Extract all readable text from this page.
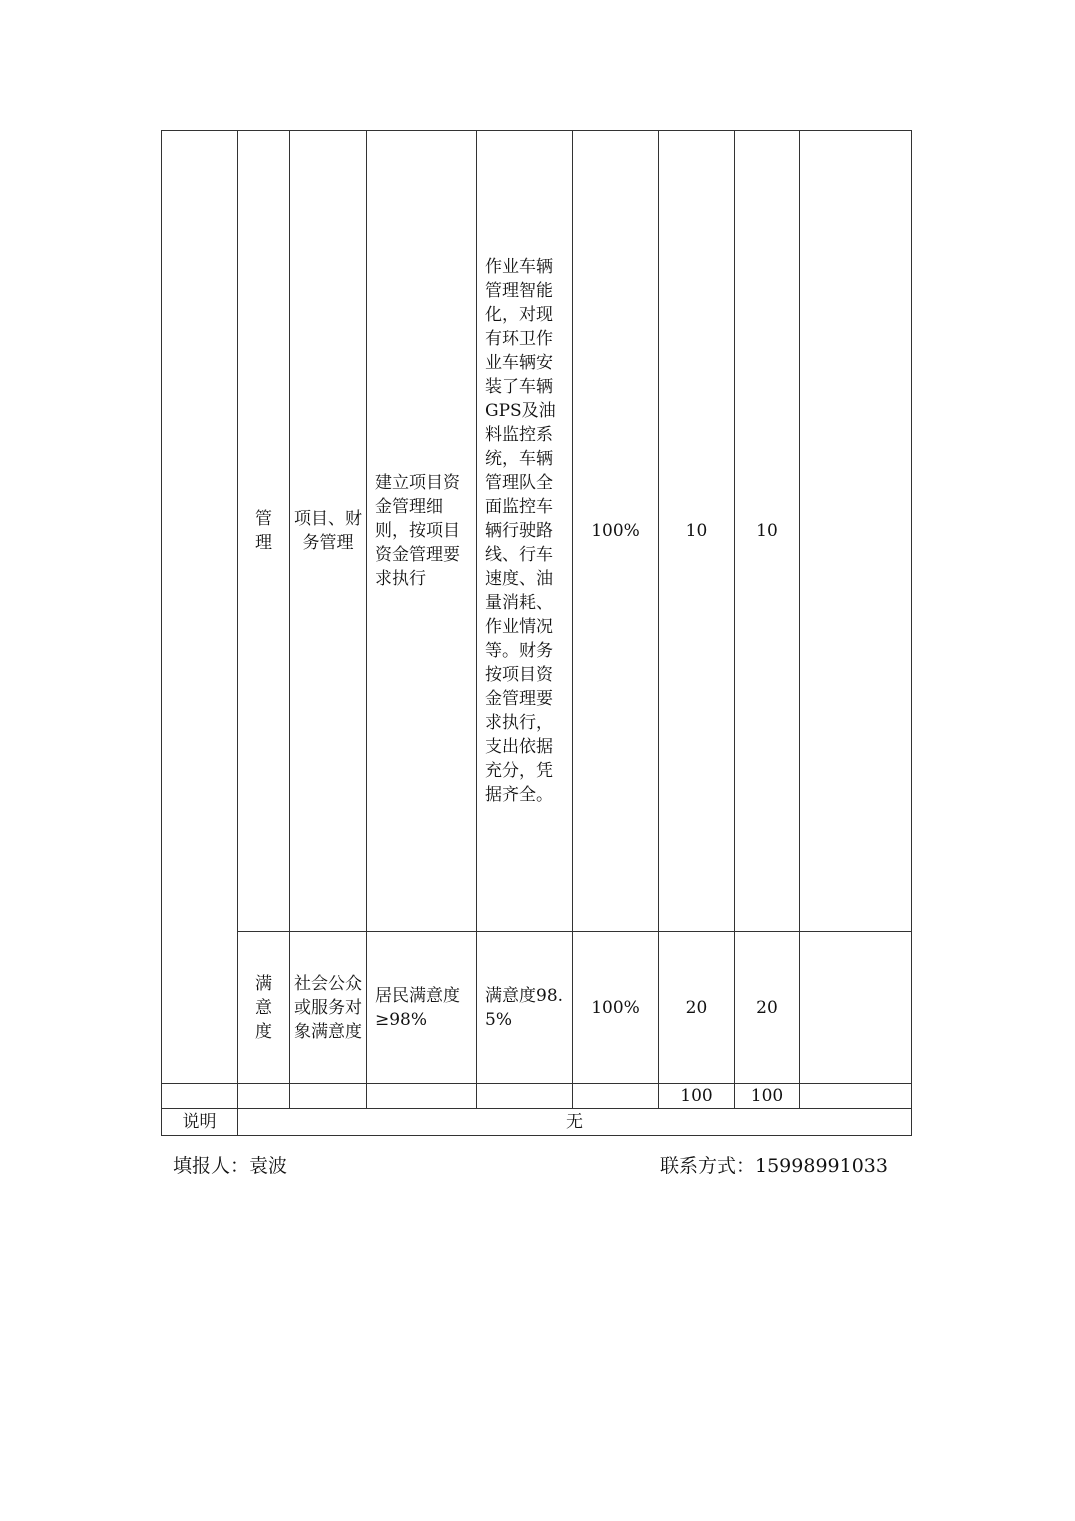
	管理	项目、财务管理	建立项目资金管理细则，按项目资金管理要求执行	作业车辆管理智能化，对现有环卫作业车辆安装了车辆GPS及油料监控系统，车辆管理队全面监控车辆行驶路线、行车速度、油量消耗、作业情况等。财务按项目资金管理要求执行，支出依据充分，凭据齐全。	100%	10	10	
	满意度	社会公众或服务对象满意度	居民满意度≥98%	满意度98.5%	100%	20	20	
						100	100	
说明	无							
填报人：袁波	联系方式：15998991033
